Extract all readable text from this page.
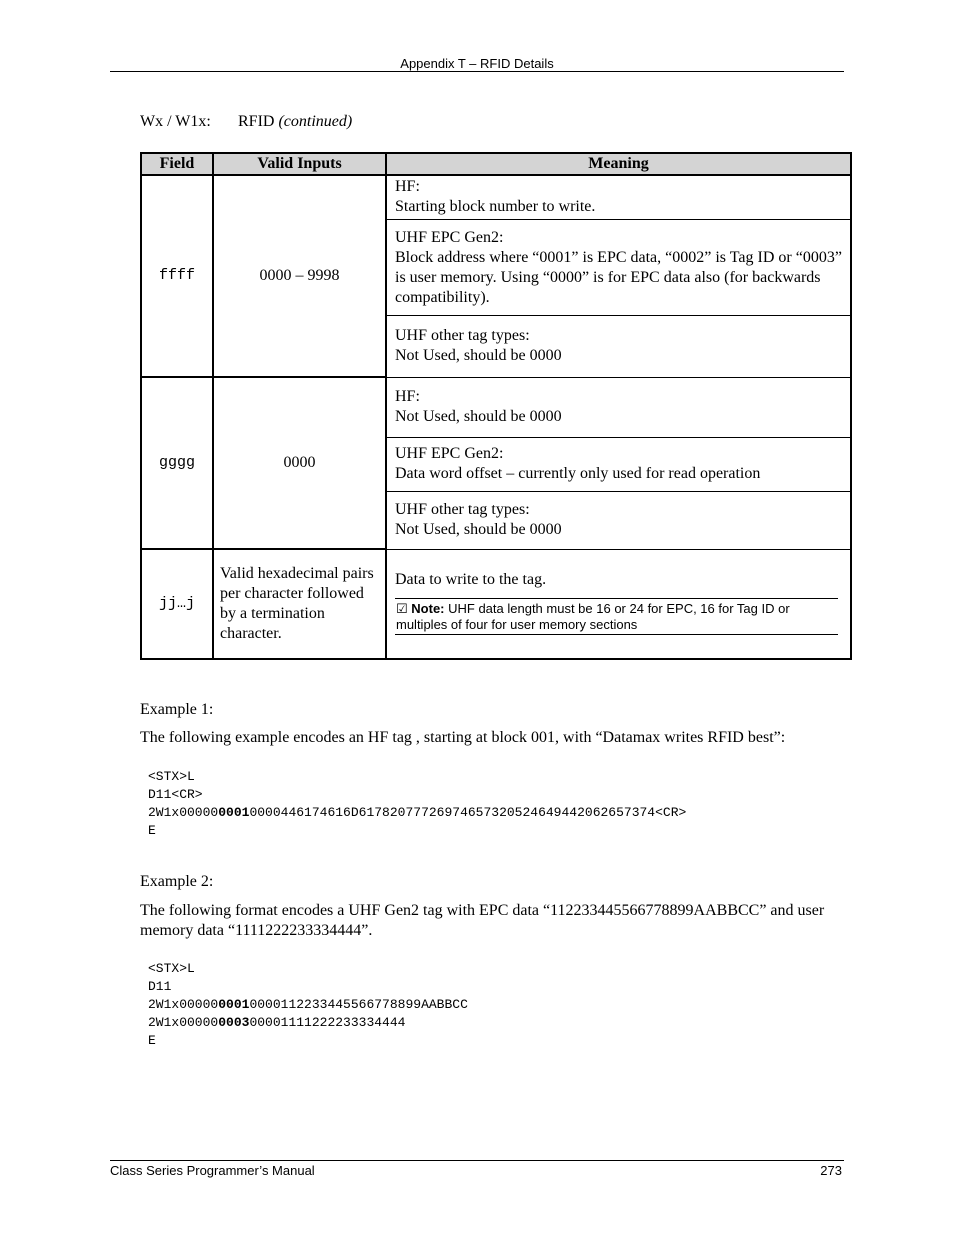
Appendix T – RFID Details
Wx / W1x: RFID (continued)
Field	Valid Inputs	Meaning
ffff	0000 – 9998	HF:
Starting block number to write.

		UHF EPC Gen2:
Block address where “0001” is EPC data, “0002” is Tag ID or “0003” is user memory. Using “0000” is for EPC data also (for backwards compatibility).

		UHF other tag types:
Not Used, should be 0000

gggg	0000	HF:
Not Used, should be 0000

		UHF EPC Gen2:
Data word offset – currently only used for read operation

		UHF other tag types:
Not Used, should be 0000

jj…j	Valid hexadecimal pairs per character followed by a termination character.	Data to write to the tag.
☑ Note: UHF data length must be 16 or 24 for EPC, 16 for Tag ID or multiples of four for user memory sections
Example 1:
The following example encodes an HF tag , starting at block 001, with “Datamax writes RFID best”:
<STX>L
D11<CR>
2W1x0000000010000446174616D61782077726974657320524649442062657374<CR>
E
Example 2:
The following format encodes a UHF Gen2 tag with EPC data “112233445566778899AABBCC” and user memory data “1111222233334444”.
<STX>L
D11
2W1x0000000010000112233445566778899AABBCC
2W1x00000000300001111222233334444
E
Class Series Programmer’s Manual	273
